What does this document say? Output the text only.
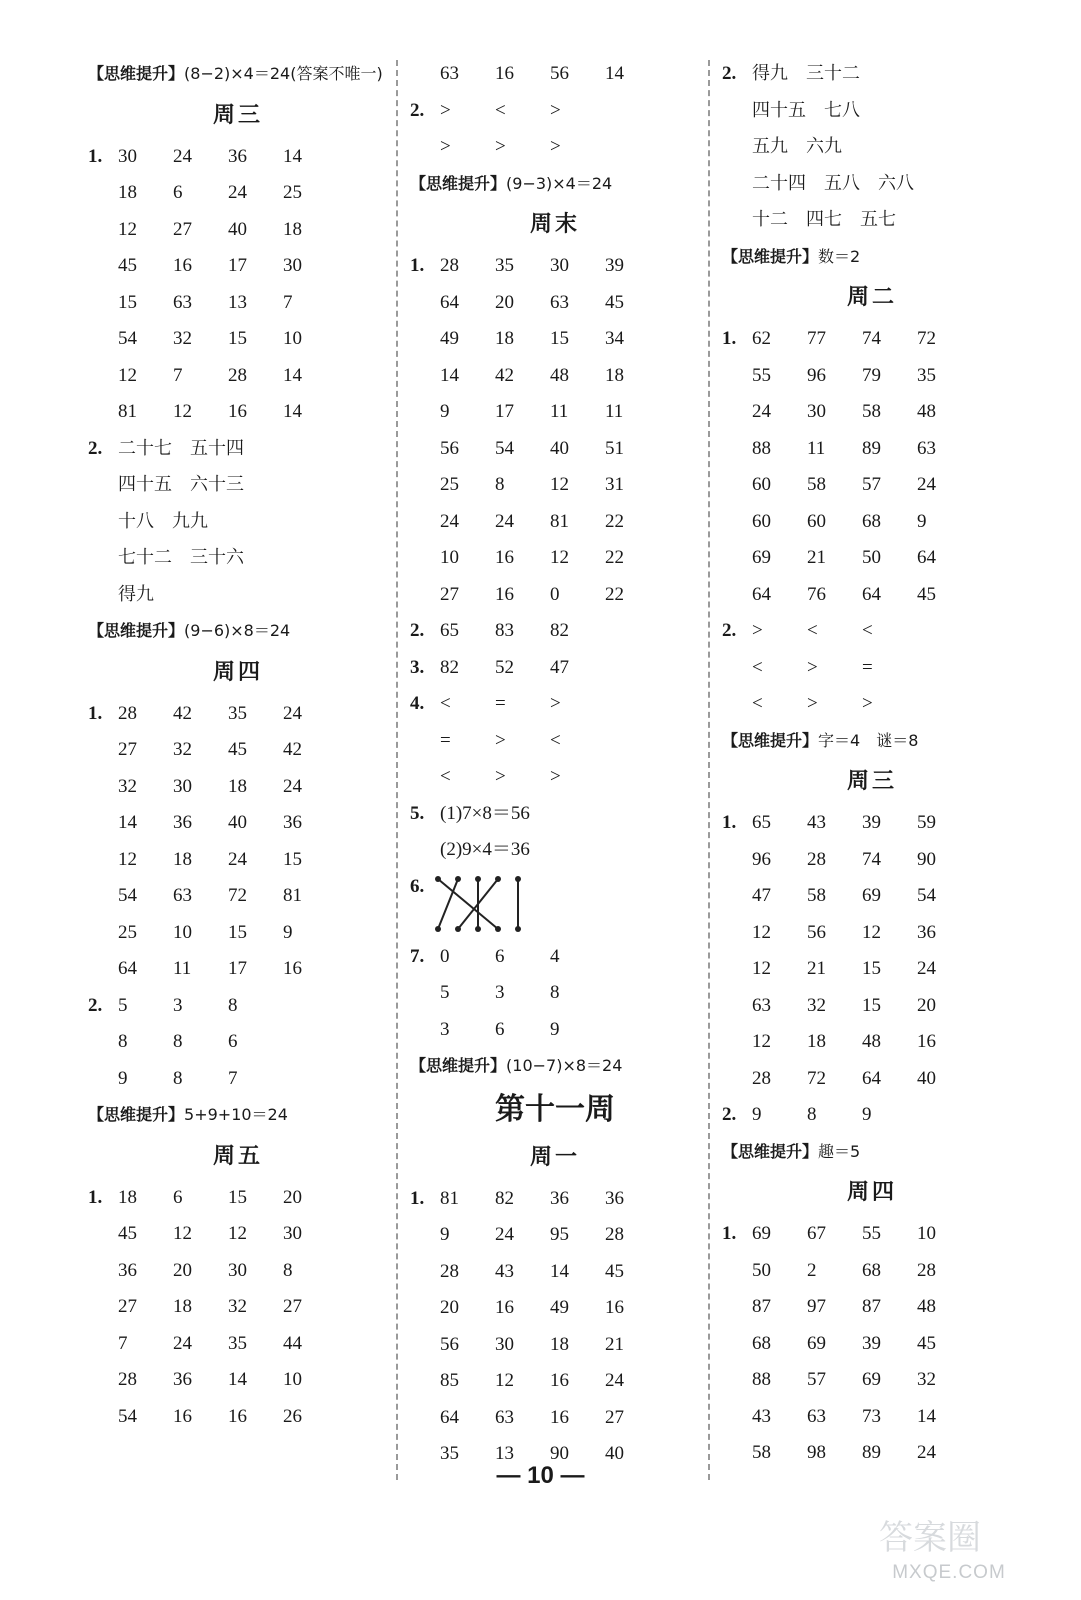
【思维提升】(8−2)×4＝24(答案不唯一)
周三
1. 30 24 36 14
18 6 24 25
12 27 40 18
45 16 17 30
15 63 13 7
54 32 15 10
12 7 28 14
81 12 16 14
2. 二十七 五十四
四十五 六十三
十八 九九
七十二 三十六
得九
【思维提升】(9−6)×8＝24
周四
1. 28 42 35 24
27 32 45 42
32 30 18 24
14 36 40 36
12 18 24 15
54 63 72 81
25 10 15 9
64 11 17 16
2. 5 3 8
8 8 6
9 8 7
【思维提升】5+9+10＝24
周五
1. 18 6 15 20
45 12 12 30
36 20 30 8
27 18 32 27
7 24 35 44
28 36 14 10
54 16 16 26
63 16 56 14
2. > < >
> > >
【思维提升】(9−3)×4＝24
周末
1. 28 35 30 39
64 20 63 45
49 18 15 34
14 42 48 18
9 17 11 11
56 54 40 51
25 8 12 31
24 24 81 22
10 16 12 22
27 16 0 22
2. 65 83 82
3. 82 52 47
4. < = >
= > <
< > >
5. (1)7×8＝56
(2)9×4＝36
6.
7. 0 6 4
5 3 8
3 6 9
【思维提升】(10−7)×8＝24
第十一周
周一
1. 81 82 36 36
9 24 95 28
28 43 14 45
20 16 49 16
56 30 18 21
85 12 16 24
64 63 16 27
35 13 90 40
2. 得九 三十二
四十五 七八
五九 六九
二十四 五八 六八
十二 四七 五七
【思维提升】数＝2
周二
1. 62 77 74 72
55 96 79 35
24 30 58 48
88 11 89 63
60 58 57 24
60 60 68 9
69 21 50 64
64 76 64 45
2. > < <
< > =
< > >
【思维提升】字＝4　谜＝8
周三
1. 65 43 39 59
96 28 74 90
47 58 69 54
12 56 12 36
12 21 15 24
63 32 15 20
12 18 48 16
28 72 64 40
2. 9 8 9
【思维提升】趣＝5
周四
1. 69 67 55 10
50 2 68 28
87 97 87 48
68 69 39 45
88 57 69 32
43 63 73 14
58 98 89 24
— 10 —
答案圈
MXQE.COM
